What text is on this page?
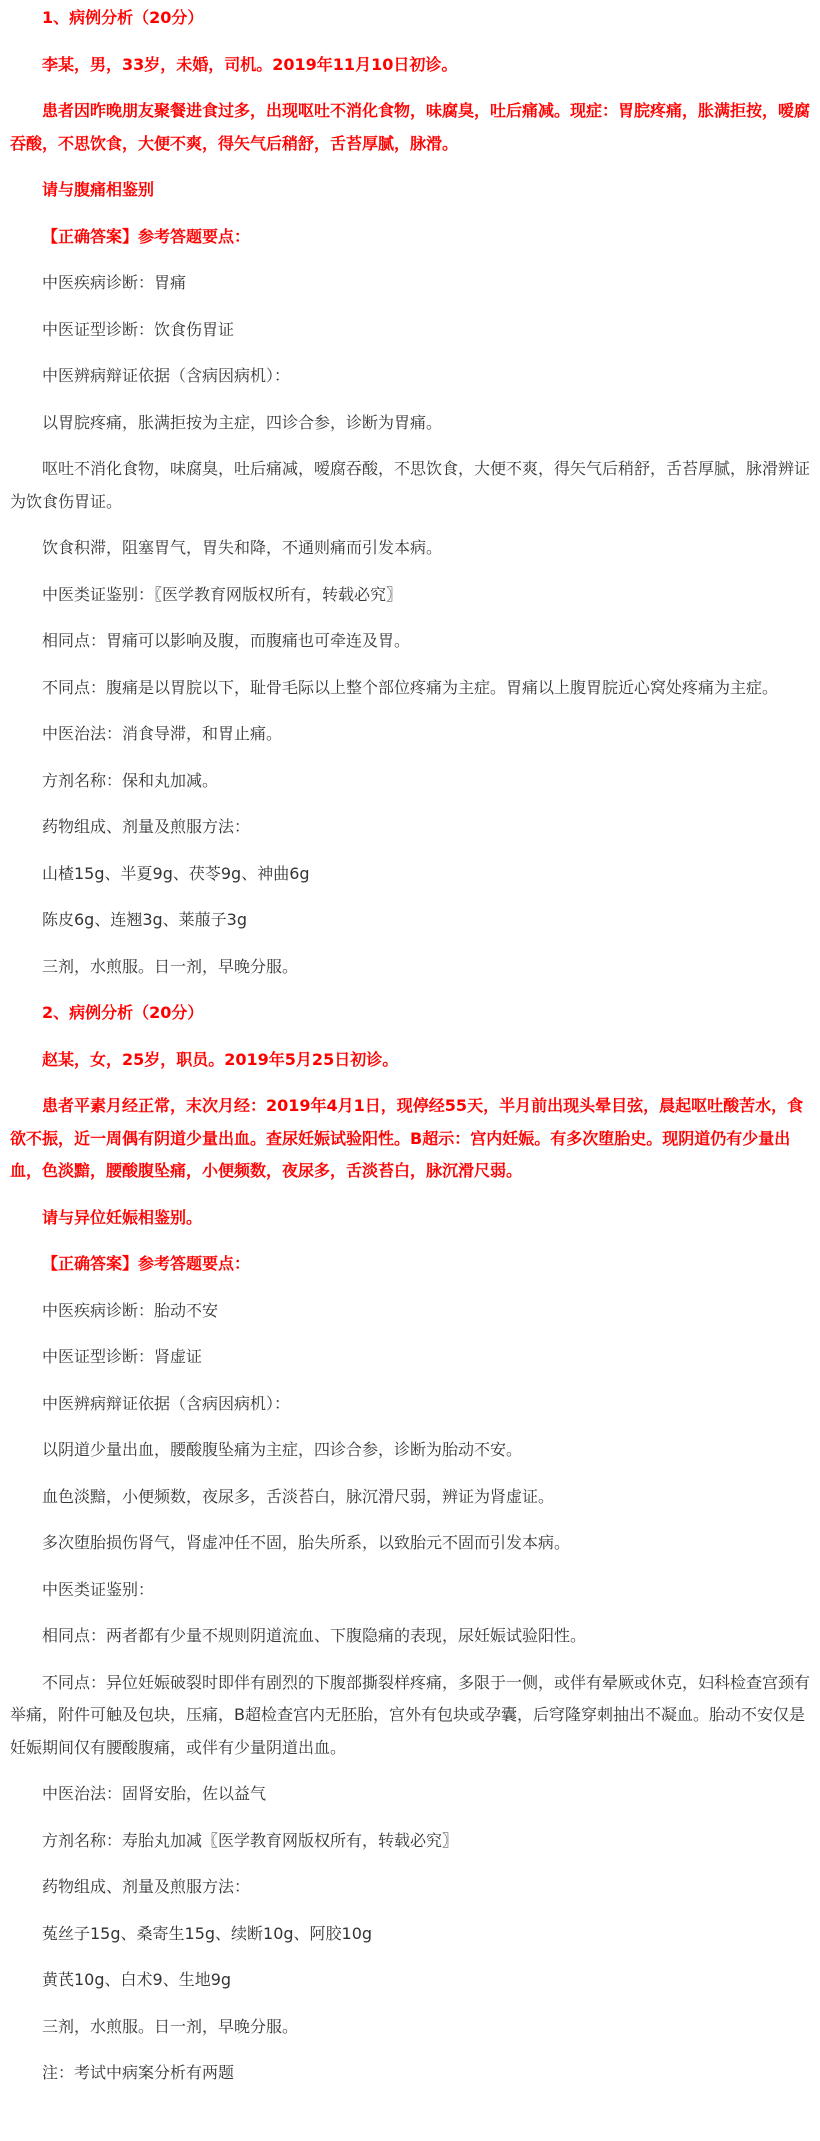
1、病例分析（20分）

李某，男，33岁，未婚，司机。2019年11月10日初诊。

患者因昨晚朋友聚餐进食过多，出现呕吐不消化食物，味腐臭，吐后痛减。现症：胃脘疼痛，胀满拒按，嗳腐吞酸，不思饮食，大便不爽，得矢气后稍舒，舌苔厚腻，脉滑。

请与腹痛相鉴别

【正确答案】参考答题要点：

中医疾病诊断：胃痛

中医证型诊断：饮食伤胃证

中医辨病辩证依据（含病因病机）：

以胃脘疼痛，胀满拒按为主症，四诊合参，诊断为胃痛。

呕吐不消化食物，味腐臭，吐后痛减，嗳腐吞酸，不思饮食，大便不爽，得矢气后稍舒，舌苔厚腻，脉滑辨证为饮食伤胃证。

饮食积滞，阻塞胃气，胃失和降，不通则痛而引发本病。

中医类证鉴别：〖医学教育网版权所有，转载必究〗

相同点：胃痛可以影响及腹，而腹痛也可牵连及胃。

不同点：腹痛是以胃脘以下，耻骨毛际以上整个部位疼痛为主症。胃痛以上腹胃脘近心窝处疼痛为主症。

中医治法：消食导滞，和胃止痛。

方剂名称：保和丸加减。

药物组成、剂量及煎服方法：

山楂15g、半夏9g、茯苓9g、神曲6g

陈皮6g、连翘3g、莱菔子3g

三剂，水煎服。日一剂，早晚分服。

2、病例分析（20分）

赵某，女，25岁，职员。2019年5月25日初诊。

患者平素月经正常，末次月经：2019年4月1日，现停经55天，半月前出现头晕目弦，晨起呕吐酸苦水，食欲不振，近一周偶有阴道少量出血。查尿妊娠试验阳性。B超示：宫内妊娠。有多次堕胎史。现阴道仍有少量出血，色淡黯，腰酸腹坠痛，小便频数，夜尿多，舌淡苔白，脉沉滑尺弱。

请与异位妊娠相鉴别。

【正确答案】参考答题要点：

中医疾病诊断：胎动不安

中医证型诊断：肾虚证

中医辨病辩证依据（含病因病机）：

以阴道少量出血，腰酸腹坠痛为主症，四诊合参，诊断为胎动不安。

血色淡黯，小便频数，夜尿多，舌淡苔白，脉沉滑尺弱，辨证为肾虚证。

多次堕胎损伤肾气，肾虚冲任不固，胎失所系，以致胎元不固而引发本病。

中医类证鉴别：

相同点：两者都有少量不规则阴道流血、下腹隐痛的表现，尿妊娠试验阳性。

不同点：异位妊娠破裂时即伴有剧烈的下腹部撕裂样疼痛，多限于一侧，或伴有晕厥或休克，妇科检查宫颈有举痛，附件可触及包块，压痛，B超检查宫内无胚胎，宫外有包块或孕囊，后穹隆穿刺抽出不凝血。胎动不安仅是妊娠期间仅有腰酸腹痛，或伴有少量阴道出血。

中医治法：固肾安胎，佐以益气

方剂名称：寿胎丸加减〖医学教育网版权所有，转载必究〗

药物组成、剂量及煎服方法：

菟丝子15g、桑寄生15g、续断10g、阿胶10g

黄芪10g、白术9、生地9g

三剂，水煎服。日一剂，早晚分服。

注：考试中病案分析有两题
